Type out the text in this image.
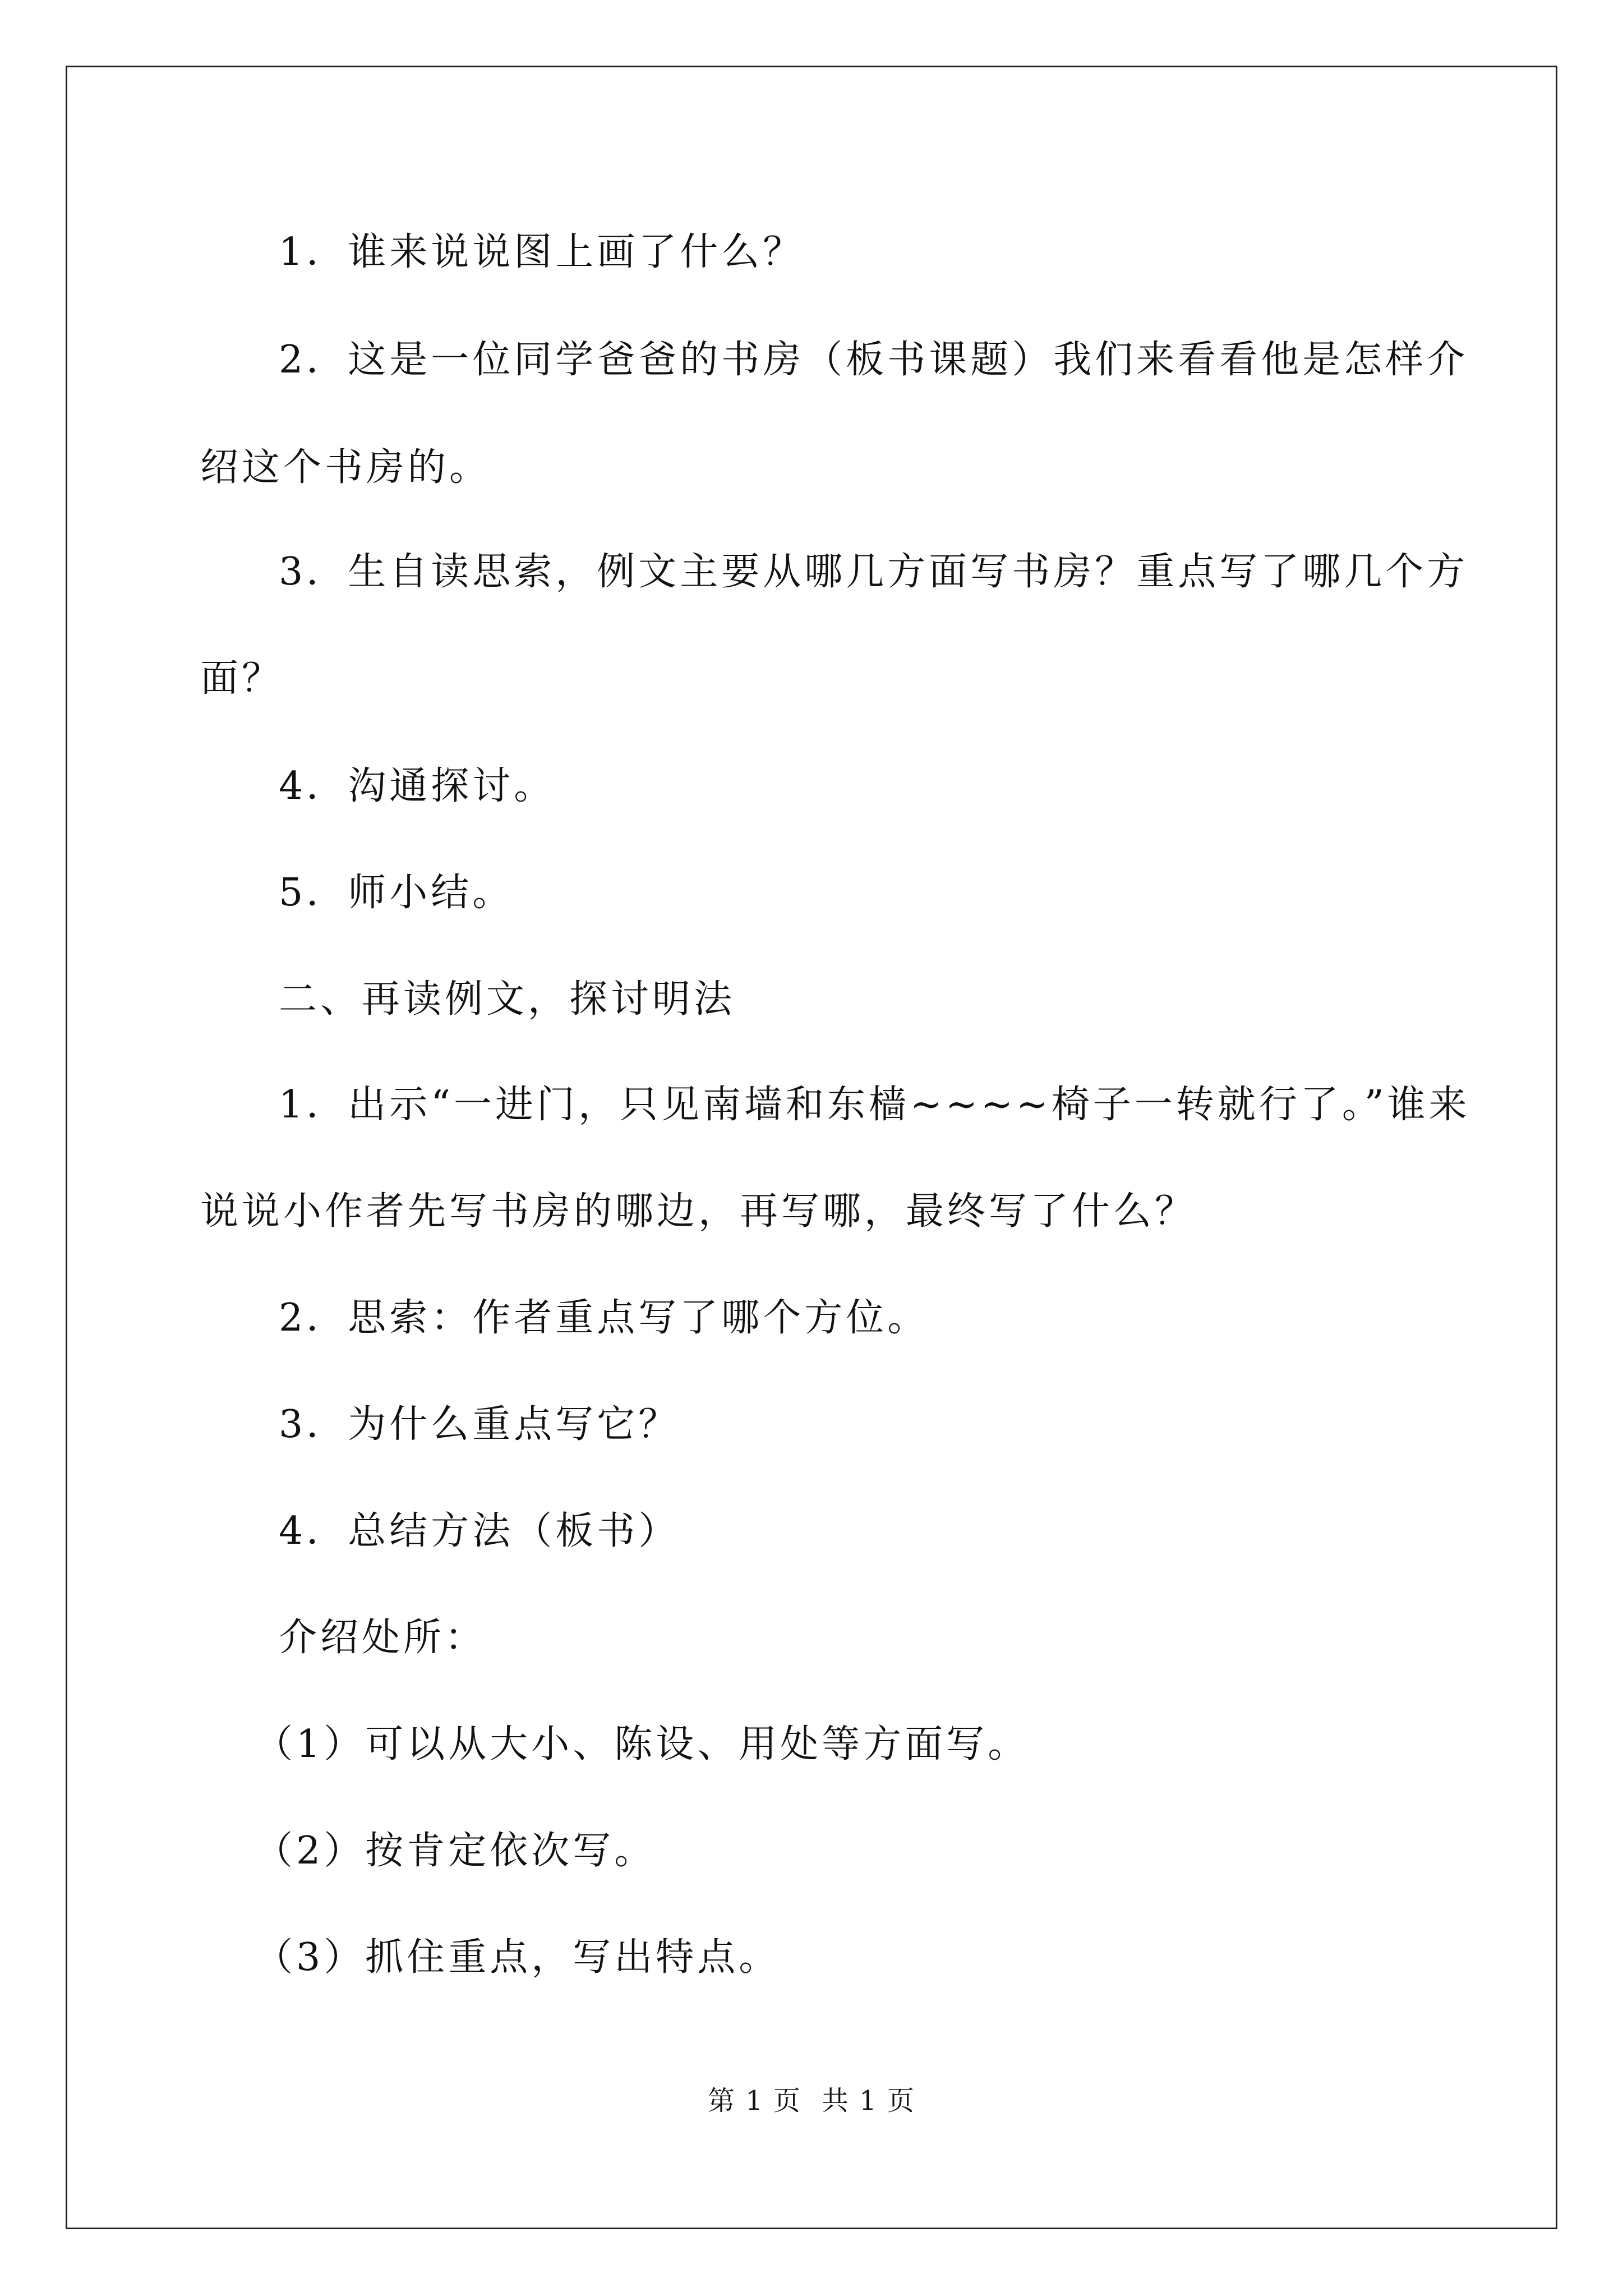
1．谁来说说图上画了什么？
2．这是一位同学爸爸的书房（板书课题）我们来看看他是怎样介
绍这个书房的。
3．生自读思索，例文主要从哪几方面写书房？重点写了哪几个方
面？
4．沟通探讨。
5．师小结。
二、再读例文，探讨明法
1．出示“一进门，只见南墙和东樯~~~~椅子一转就行了。”谁来
说说小作者先写书房的哪边，再写哪，最终写了什么？
2．思索：作者重点写了哪个方位。
3．为什么重点写它？
4．总结方法（板书）
介绍处所：
（1）可以从大小、陈设、用处等方面写。
（2）按肯定依次写。
（3）抓住重点，写出特点。
第 1 页 共 1 页
